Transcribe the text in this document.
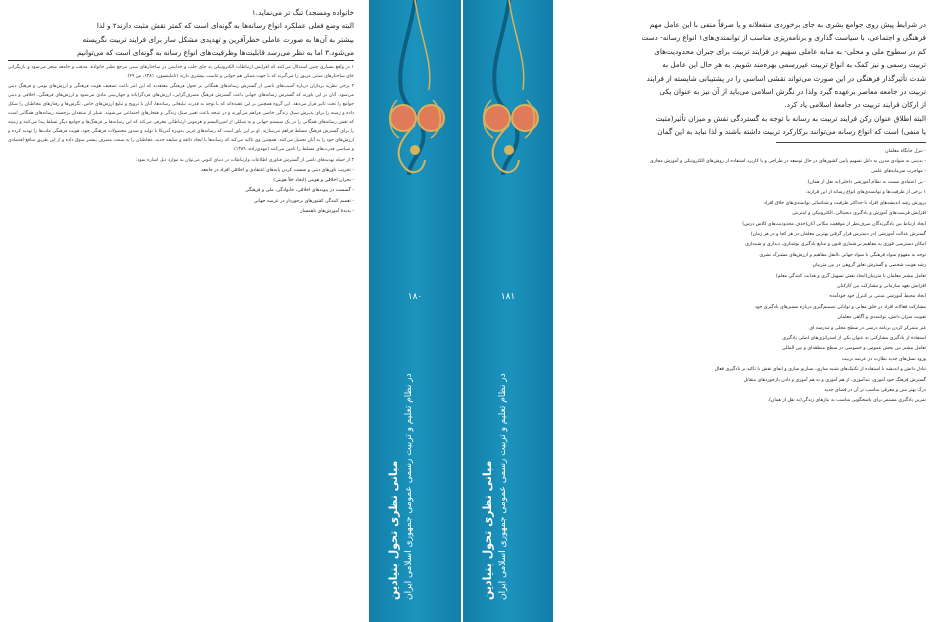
خانواده ومسجد) تنگ تر می‌نماید.۱

البته وضع فعلی عملکرد انواع رسانه‌ها به گونه‌ای است که کمتر نقش مثبت دارند۲ و لذا

بیشتر به آن‌ها به صورت عاملی خطرآفرین و تهدیدی مشکل ساز برای فرایند تربیت نگریسته

می‌شود.۳ اما به نظر می‌رسد قابلیت‌ها وظرفیت‌های انواع رسانه به گونه‌ای است که می‌توانیم

۱ در واقع بسیاری چنین استدلال می‌کنند که افزایش ارتباطات الکترونیکی به جای جلب و جذابیتی در ساختارهای سنی مرجع نظیر خانواده، مذهب و جامعه منجر می‌شود و بازیگرانی جای ساختارهای سنتی مزبور را می‌گیرند که با جهت ممکن هم خوانی و تناسب بیشتری دارند (تاملینسون، ۱۳۸۱، ص ۴۹).

۲ برخی نظریه پردازان درباره آسیب‌های ناشی از گسترش رسانه‌های همگانی بر تحول فرهنگی معتقدند که این امر باعث تضعیف هویت فرهنگی و ارزش‌های بومی و فرهنگ دینی می‌شود. آنان بر این باورند که گسترش رسانه‌های جهانی باعث گسترش فرهنگ مصرف‌گرایی، ارزش‌های فردگرایانه و جهان‌بینی مادی می‌شود و ارزش‌های فرهنگی، اخلاقی و دینی جوامع را تحت تاثیر قرار می‌دهد. این گروه همچنین بر این عقیده‌اند که با توجه به قدرت تبلیغاتی رسانه‌ها، آنان با ترویج و تبلیغ ارزش‌های خاص، نگرش‌ها و رفتارهای مخاطبان را شکل داده و زمینه را برای پذیرش سبک زندگی خاصی فراهم می‌آورند و در نتیجه باعث تغییر سبک زندگی و هنجارهای اجتماعی می‌شوند. شیلر از منتقدان برجسته رسانه‌های همگانی است که نقش رسانه‌های همگانی را در یک سیستم جهانی و به شکلی از امپریالیسم و هژمونی ارتباطاتی معرفی می‌کند که این رسانه‌ها بر فرهنگ‌ها و جوامع دیگر تسلط پیدا می‌کنند و زمینه را برای گسترش فرهنگ مسلط فراهم می‌سازند. او بر این باور است که رسانه‌های غربی به‌ویژه آمریکا با تولید و صدور محصولات فرهنگی خود، هویت فرهنگی ملت‌ها را تهدید کرده و ارزش‌های خود را به آنان تحمیل می‌کنند. همچنین وی تاکید می‌کند که رسانه‌ها با ایجاد ذائقه و سلیقه جدید، مخاطبان را به سمت مصرف بیشتر سوق داده و از این طریق منافع اقتصادی و سیاسی قدرت‌های مسلط را تامین می‌کنند (مهدی‌زاده، ۱۳۸۹).

۳ از جمله تهدیدهای ناشی از گسترش فناوری اطلاعات وارتباطات در دنیای کنونی می‌توان به موارد ذیل اشاره نمود:

- تخریب باورهای دینی و سست کردن پایه‌های اعتقادی و اخلاقی افراد در جامعه
- بحران اخلاقی و هویتی (ایجاد خلأ هویتی)
- گسست در پیوندهای اخلاقی، خانوادگی، ملی و فرهنگی
- تعمیم کنندگی کشورهای برخوردار در عرصه جهانی
- پدیدهٔ آموزش‌های ناهمساز
۱۸۰
مبانی نظری تحول بنیادین در نظام تعلیم و تربیت رسمی عمومی جمهوری اسلامی ایران

در شرایط پیش روی جوامع بشری به جای برخوردی منفعلانه و یا صرفاً منفی با این عامل مهم

فرهنگی و اجتماعی، با سیاست گذاری و برنامه‌ریزی مناسب از توانمندی‌های۱ انواع رسانه- دست

کم در سطوح ملی و محلی- به منابه عاملی سهیم در فرایند تربیت برای جبران محدودیت‌های

تربیت رسمی و نیز کمک به انواع تربیت غیررسمی بهره‌مند شویم. به هر حال این عامل به

شدت تأثیرگذار فرهنگی در این صورت می‌تواند نقشی اساسی را در پشتیبانی شایسته از فرایند

تربیت در جامعه معاصر برعهده گیرد ولذا در نگرش اسلامی می‌باید از آن نیز به عنوان یکی

از ارکان فرایند تربیت در جامعهٔ اسلامی یاد کرد.

البته اطلاق عنوان رکن فرایند تربیت به رسانه با توجه به گستردگی نقش و میزان تأثیر(مثبت

یا منفی) است که انواع رسانه می‌توانند برکارکرد تربیت داشته باشند و لذا نباید به این گمان

- تنزل جایگاه معلمان
- بدبینی به سوادی مدرن به دلیل تسهیم پایین کشورهای در حال توسعه در طراحی و یا کاربرد استفاده از روش‌های الکترونیکی و آموزش مجازی
- مهاجرت سرمایه‌های علمی
- بی اعتمادی نسبت به نظام آموزشی داخلی(به نقل از همان).
۱ برخی از ظرفیت‌ها و توانمندی‌های انواع رسانه از این قرارند:
پرورش رشد اندیشه‌های افراد با حداکثر ظرفیت و شناسائی توانمندی‌های خلاق افراد
افزایش فرصت‌های آموزش و یادگیری دیجیتالی، الکترونیکی و اینترنتی
ایجاد ارتباط بین یادگیرندگان صرف‌نظر از موقعیت مکانی آنان(حذف محدودیت‌های کلاس درس)
گسترش عدالت آموزشی (در دسترس قرار گرفتن بهترین معلمان در هر کجا و در هر زمان)
امکان دسترسی فوری به مفاهیم بی‌شماری فنون و منابع یادگیری نوشتاری، دیداری و شنیداری
توجه به مفهوم سواد فرهنگی با سواد جهانی بالنقل مفاهیم و ارزش‌های مشترک بشری
رشد هویت شخصی و گسترش تعلق گروهی در بین متربیان
تعامل بیشتر معلمان با متربیان(ایجاد نقش تسهیل گری و هدایت کنندگی معلم)
افزایش تعهد سازمانی و مشارکت بین کارکنان
ایجاد محیط آموزشی مبتنی بر کنترل خود خودآمده
مشارکت فعالانه افراد در خلق معانی و توانایی تصمیم‌گیری درباره مسیرهای یادگیری خود
تقویت میزان دانش، توانمندی و آگاهی معلمان
غیر متمرکز کردن برنامه درسی در سطح محلی و مدرسه ای
استفاده از یادگیری مشارکتی به عنوان یکی از استراتژی‌های اصلی یادگیری
تعامل بیشتر بین بخش عمومی و خصوصی در سطح منطقه‌ای و بین المللی
ورود نسل‌های جدید نظارت در عرصه تربیت
تبادل دانش و اندیشه با استفاده از تکنیک‌های شبیه سازی، سناریو سازی و ایفای نقش با تاکید بر یادگیری فعال
گسترش فرهنگ خود آموزی، تندآموزی، از هم آموزی و به هم آموزی و دادن بازخوردهای متقابل
درک بهتر متن و معرفی مناسب تر آن در فضای جدید
تمرین یادگیری مستمر برای پاسخگویی مناسب به نیازهای زندگی(به نقل از همان).
۱۸۱
مبانی نظری تحول بنیادین در نظام تعلیم و تربیت رسمی عمومی جمهوری اسلامی ایران
